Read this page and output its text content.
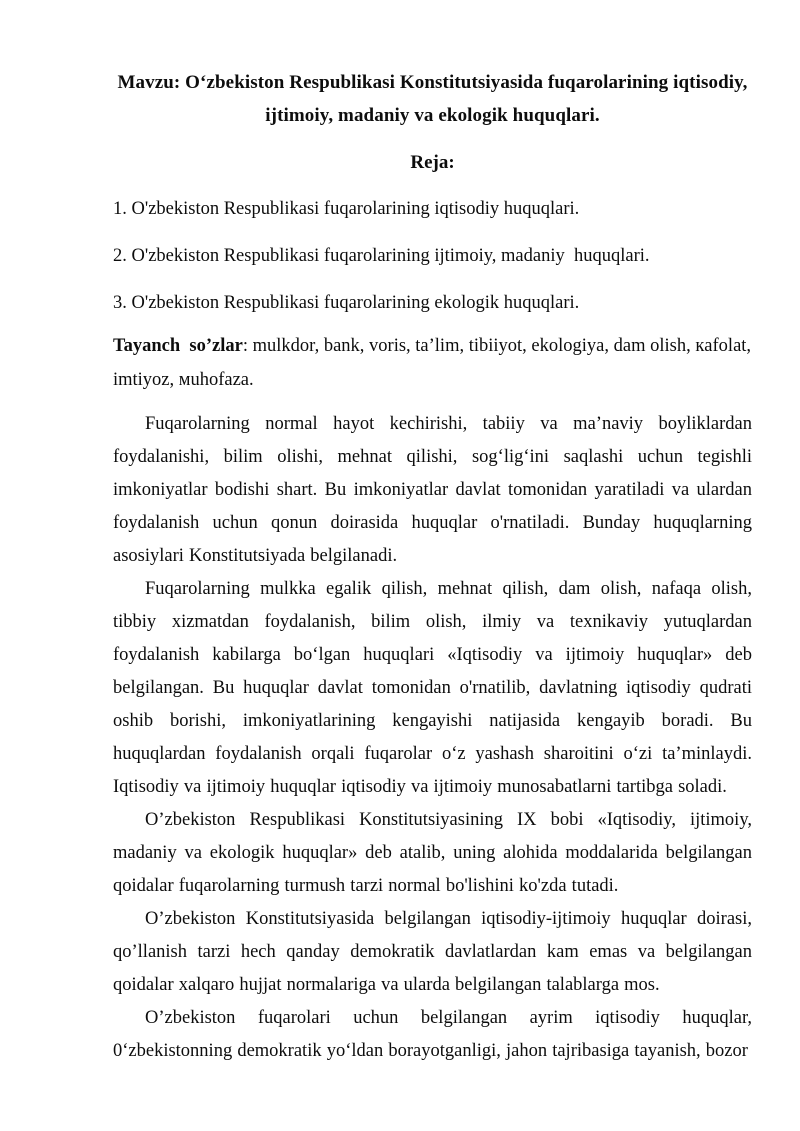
Mavzu: Oʻzbekiston Respublikasi Konstitutsiyasida fuqarolarining iqtisodiy, ijtimoiy, madaniy va ekologik huquqlari.
Reja:

1. O'zbekiston Respublikasi fuqarolarining iqtisodiy huquqlari.

2. O'zbekiston Respublikasi fuqarolarining ijtimoiy, madaniy  huquqlari.

3. O'zbekiston Respublikasi fuqarolarining ekologik huquqlari.

Tayanch  soʼzlar: mulkdor, bank, voris, taʼlim, tibiiyot, ekologiya, dam olish, кafolat, imtiyoz, мuhofaza.

Fuqarolarning normal hayot kechirishi, tabiiy va maʼnaviy boyliklardan foydalanishi, bilim olishi, mehnat qilishi, sogʻligʻini saqlashi uchun tegishli imkoniyatlar bodishi shart. Bu imkoniyatlar davlat tomonidan yaratiladi va ulardan foydalanish uchun qonun doirasida huquqlar o'rnatiladi. Bunday huquqlarning asosiylari Konstitutsiyada belgilanadi.

Fuqarolarning mulkka egalik qilish, mehnat qilish, dam olish, nafaqa olish, tibbiy xizmatdan foydalanish, bilim olish, ilmiy va texnikaviy yutuqlardan foydalanish kabilarga boʻlgan huquqlari «Iqtisodiy va ijtimoiy huquqlar» deb belgilangan. Bu huquqlar davlat tomonidan o'rnatilib, davlatning iqtisodiy qudrati oshib borishi, imkoniyatlarining kengayishi natijasida kengayib boradi. Bu huquqlardan foydalanish orqali fuqarolar oʻz yashash sharoitini oʻzi taʼminlaydi. Iqtisodiy va ijtimoiy huquqlar iqtisodiy va ijtimoiy munosabatlarni tartibga soladi.

Oʼzbekiston Respublikasi Konstitutsiyasining IX bobi «Iqtisodiy, ijtimoiy, madaniy va ekologik huquqlar» deb atalib, uning alohida moddalarida belgilangan qoidalar fuqarolarning turmush tarzi normal bo'lishini ko'zda tutadi.

Oʼzbekiston Konstitutsiyasida belgilangan iqtisodiy-ijtimoiy huquqlar doirasi, qoʼllanish tarzi hech qanday demokratik davlatlardan kam emas va belgilangan qoidalar xalqaro hujjat normalariga va ularda belgilangan talablarga mos.

Oʼzbekiston fuqarolari uchun belgilangan ayrim iqtisodiy huquqlar, 0ʻzbekistonning demokratik yoʻldan borayotganligi, jahon tajribasiga tayanish, bozor
